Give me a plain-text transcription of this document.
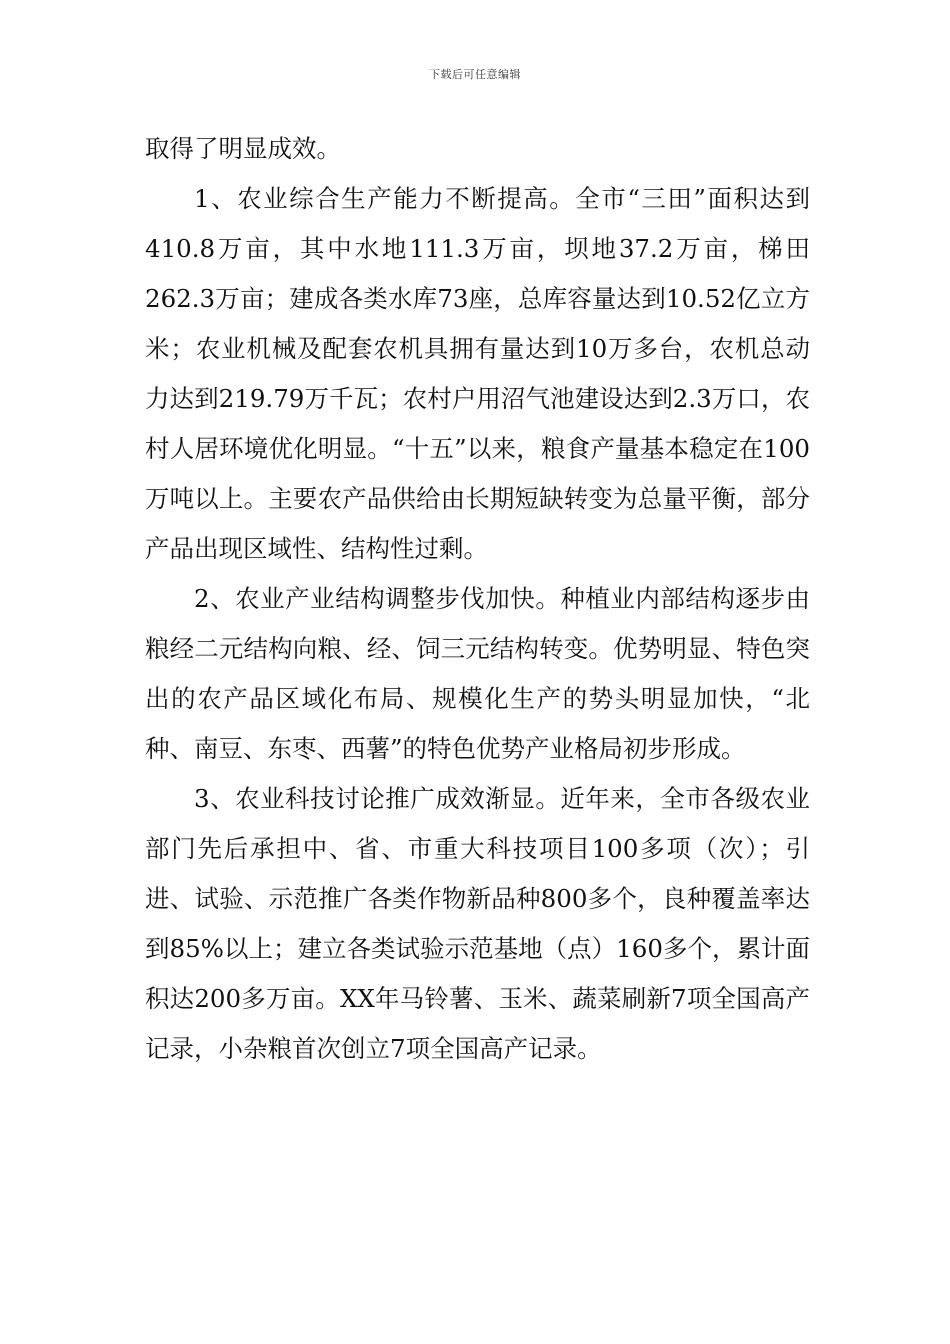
下载后可任意编辑

取得了明显成效。

1、农业综合生产能力不断提高。全市“三田”面积达到410.8万亩，其中水地111.3万亩，坝地37.2万亩，梯田262.3万亩；建成各类水库73座，总库容量达到10.52亿立方米；农业机械及配套农机具拥有量达到10万多台，农机总动力达到219.79万千瓦；农村户用沼气池建设达到2.3万口，农村人居环境优化明显。“十五”以来，粮食产量基本稳定在100万吨以上。主要农产品供给由长期短缺转变为总量平衡，部分产品出现区域性、结构性过剩。

2、农业产业结构调整步伐加快。种植业内部结构逐步由粮经二元结构向粮、经、饲三元结构转变。优势明显、特色突出的农产品区域化布局、规模化生产的势头明显加快，“北种、南豆、东枣、西薯”的特色优势产业格局初步形成。

3、农业科技讨论推广成效渐显。近年来，全市各级农业部门先后承担中、省、市重大科技项目100多项（次）；引进、试验、示范推广各类作物新品种800多个，良种覆盖率达到85%以上；建立各类试验示范基地（点）160多个，累计面积达200多万亩。XX年马铃薯、玉米、蔬菜刷新7项全国高产记录，小杂粮首次创立7项全国高产记录。
